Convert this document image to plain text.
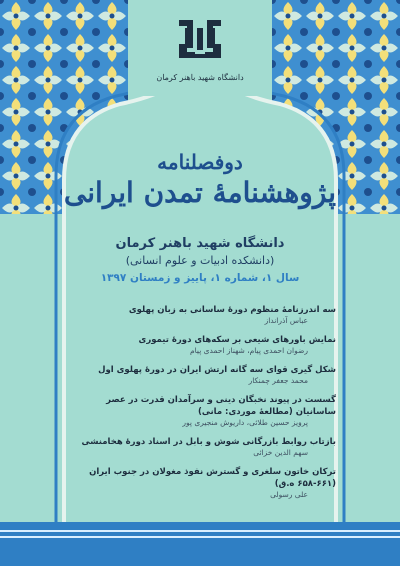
دانشگاه شهید باهنر کرمان
دوفصلنامه
پژوهشنامهٔ تمدن ایرانی
دانشگاه شهید باهنر کرمان
(دانشکده ادبیات و علوم انسانی)
سال ۱، شماره ۱، پاییز و زمستان ۱۳۹۷
سه اندرزنامهٔ منظوم دورهٔ ساسانی به زبان پهلوی
عباس آذرانداز
نمایش باورهای شیعی بر سکه‌های دوره‌ٔ تیموری
رضوان احمدی پیام، شهناز احمدی پیام
شکل گیری قوای سه گانه ارتش ایران در دوره‌ٔ پهلوی اول
محمد جعفر چمنکار
گسست در پیوند نخبگان دینی و سرآمدان قدرت در عصر ساسانیان (مطالعهٔ موردی: مانی)
پرویز حسین طلائی، داریوش منجیری پور
بازتاب روابط بازرگانی شوش و بابل در اسناد دورهٔ هخامنشی
سهم الدین خزائی
ترکان خاتون سلغری و گسترش نفوذ مغولان در جنوب ایران (۶۶۱-۶۵۸ ه.ق)
علی رسولی
